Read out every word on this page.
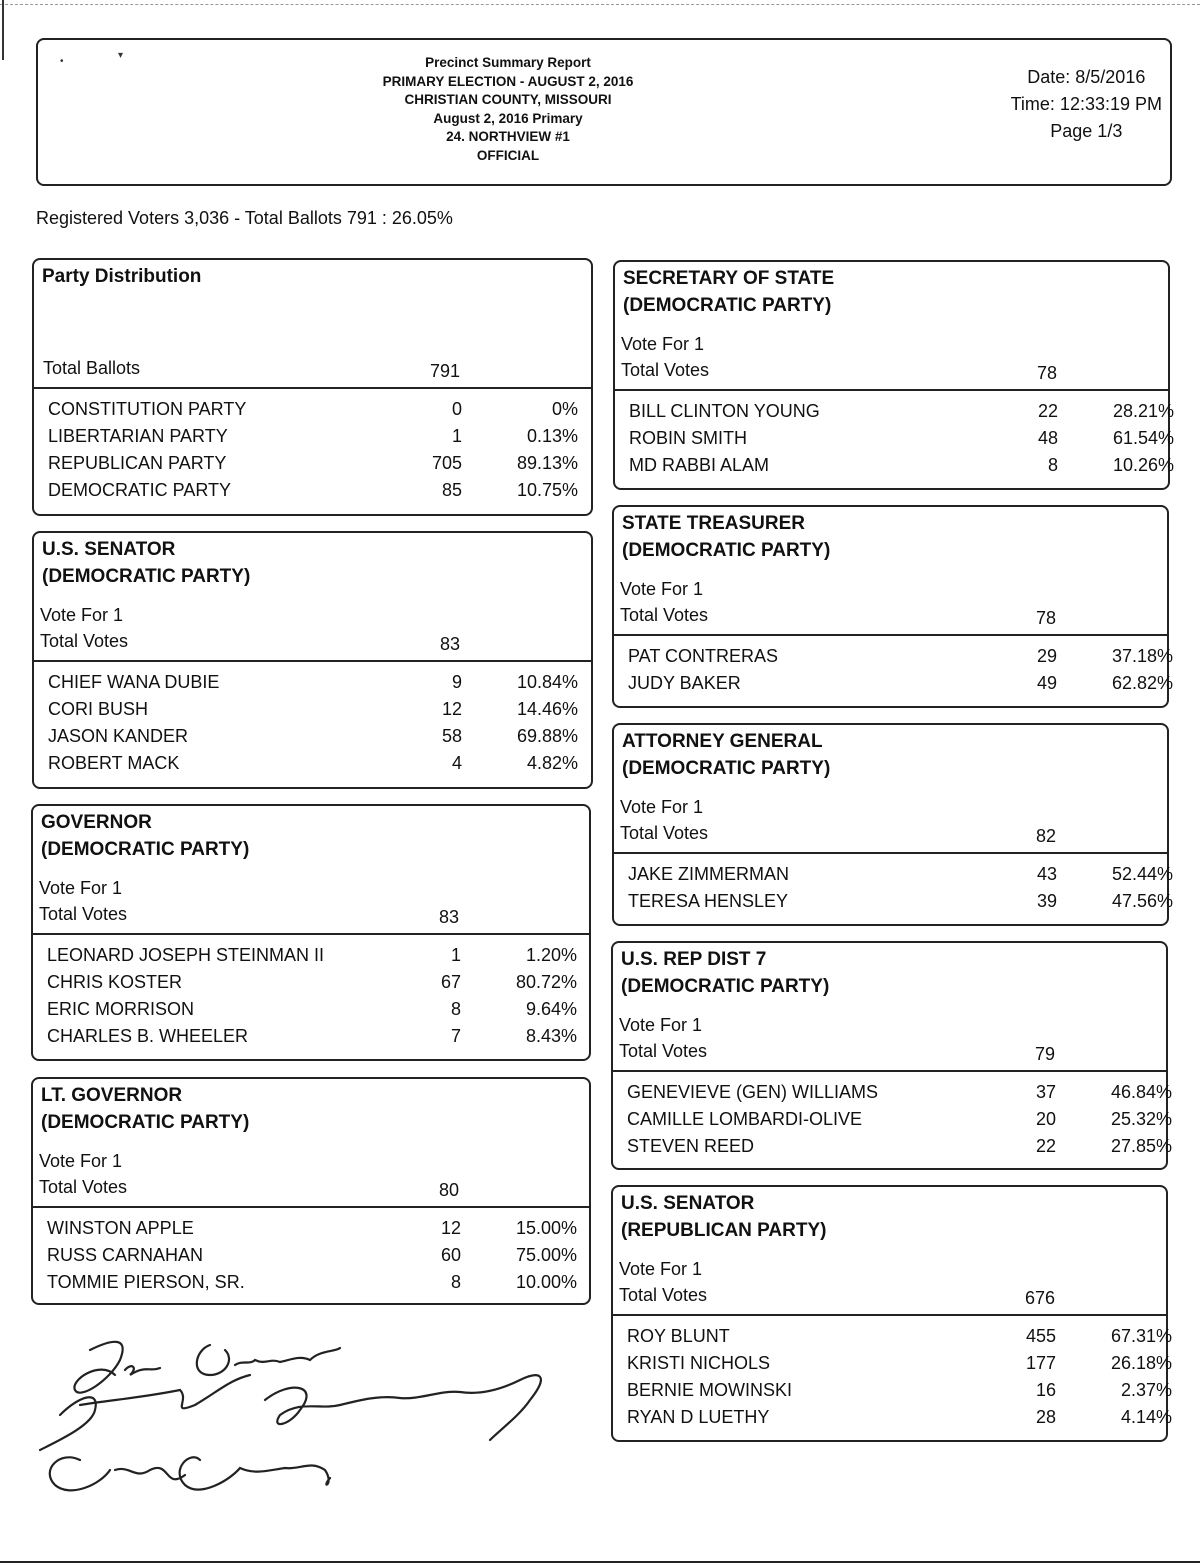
•
▾	Precinct Summary Report
PRIMARY ELECTION - AUGUST 2, 2016
CHRISTIAN COUNTY, MISSOURI
August 2, 2016 Primary
24. NORTHVIEW #1
OFFICIAL
Date: 8/5/2016
Time: 12:33:19 PM
Page 1/3
Registered Voters 3,036 - Total Ballots 791 : 26.05%
Party Distribution
Total Ballots	791
CONSTITUTION PARTY	0	0%
LIBERTARIAN PARTY	1	0.13%
REPUBLICAN PARTY	705	89.13%
DEMOCRATIC PARTY	85	10.75%
U.S. SENATOR
(DEMOCRATIC PARTY)
Vote For 1
Total Votes	83
CHIEF WANA DUBIE	9	10.84%
CORI BUSH	12	14.46%
JASON KANDER	58	69.88%
ROBERT MACK	4	4.82%
GOVERNOR
(DEMOCRATIC PARTY)
Vote For 1
Total Votes	83
LEONARD JOSEPH STEINMAN II	1	1.20%
CHRIS KOSTER	67	80.72%
ERIC MORRISON	8	9.64%
CHARLES B. WHEELER	7	8.43%
LT. GOVERNOR
(DEMOCRATIC PARTY)
Vote For 1
Total Votes	80
WINSTON APPLE	12	15.00%
RUSS CARNAHAN	60	75.00%
TOMMIE PIERSON, SR.	8	10.00%
SECRETARY OF STATE
(DEMOCRATIC PARTY)
Vote For 1
Total Votes	78
BILL CLINTON YOUNG	22	28.21%
ROBIN SMITH	48	61.54%
MD RABBI ALAM	8	10.26%
STATE TREASURER
(DEMOCRATIC PARTY)
Vote For 1
Total Votes	78
PAT CONTRERAS	29	37.18%
JUDY BAKER	49	62.82%
ATTORNEY GENERAL
(DEMOCRATIC PARTY)
Vote For 1
Total Votes	82
JAKE ZIMMERMAN	43	52.44%
TERESA HENSLEY	39	47.56%
U.S. REP DIST 7
(DEMOCRATIC PARTY)
Vote For 1
Total Votes	79
GENEVIEVE (GEN) WILLIAMS	37	46.84%
CAMILLE LOMBARDI-OLIVE	20	25.32%
STEVEN REED	22	27.85%
U.S. SENATOR
(REPUBLICAN PARTY)
Vote For 1
Total Votes	676
ROY BLUNT	455	67.31%
KRISTI NICHOLS	177	26.18%
BERNIE MOWINSKI	16	2.37%
RYAN D LUETHY	28	4.14%
